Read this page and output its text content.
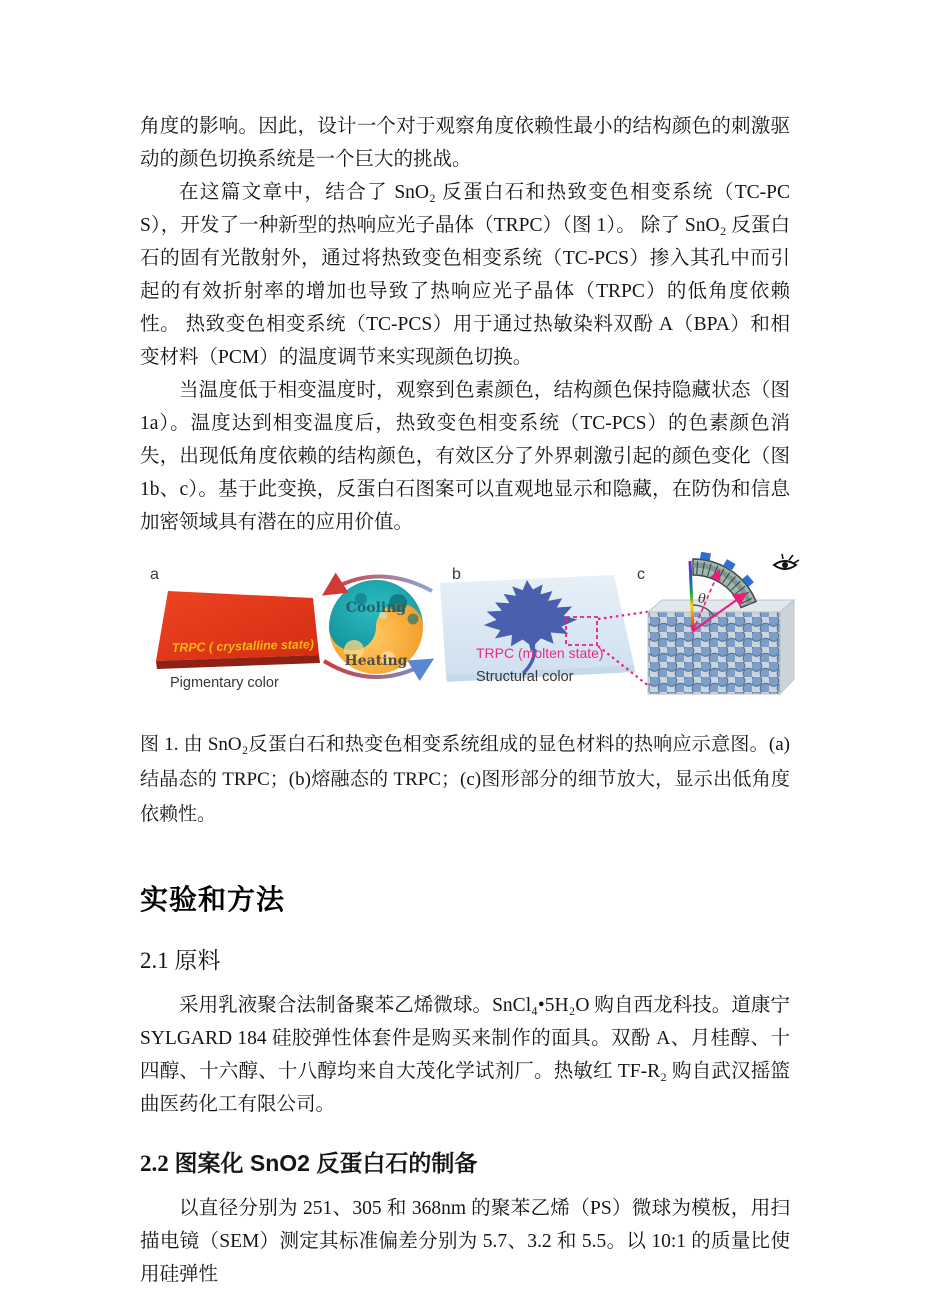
角度的影响。因此，设计一个对于观察角度依赖性最小的结构颜色的刺激驱动的颜色切换系统是一个巨大的挑战。

在这篇文章中，结合了 SnO₂ 反蛋白石和热致变色相变系统（TC-PCS），开发了一种新型的热响应光子晶体（TRPC）（图 1）。 除了 SnO₂ 反蛋白石的固有光散射外，通过将热致变色相变系统（TC-PCS）掺入其孔中而引起的有效折射率的增加也导致了热响应光子晶体（TRPC）的低角度依赖性。 热致变色相变系统（TC-PCS）用于通过热敏染料双酚 A（BPA）和相变材料（PCM）的温度调节来实现颜色切换。

当温度低于相变温度时，观察到色素颜色，结构颜色保持隐藏状态（图 1a）。温度达到相变温度后，热致变色相变系统（TC-PCS）的色素颜色消失，出现低角度依赖的结构颜色，有效区分了外界刺激引起的颜色变化（图 1b、c）。基于此变换，反蛋白石图案可以直观地显示和隐藏，在防伪和信息加密领域具有潜在的应用价值。

a
TRPC ( crystalline state)
Pigmentary color
Cooling
Heating
b
TRPC (molten state)
Structural color
c
θ

图 1. 由 SnO₂反蛋白石和热变色相变系统组成的显色材料的热响应示意图。(a)结晶态的 TRPC；(b)熔融态的 TRPC；(c)图形部分的细节放大，显示出低角度依赖性。

实验和方法
2.1 原料

采用乳液聚合法制备聚苯乙烯微球。SnCl₄•5H₂O 购自西龙科技。道康宁 SYLGARD 184 硅胶弹性体套件是购买来制作的面具。双酚 A、月桂醇、十四醇、十六醇、十八醇均来自大茂化学试剂厂。热敏红 TF-R₂ 购自武汉摇篮曲医药化工有限公司。

2.2 图案化 SnO2 反蛋白石的制备

以直径分别为 251、305 和 368nm 的聚苯乙烯（PS）微球为模板，用扫描电镜（SEM）测定其标准偏差分别为 5.7、3.2 和 5.5。以 10:1 的质量比使用硅弹性
